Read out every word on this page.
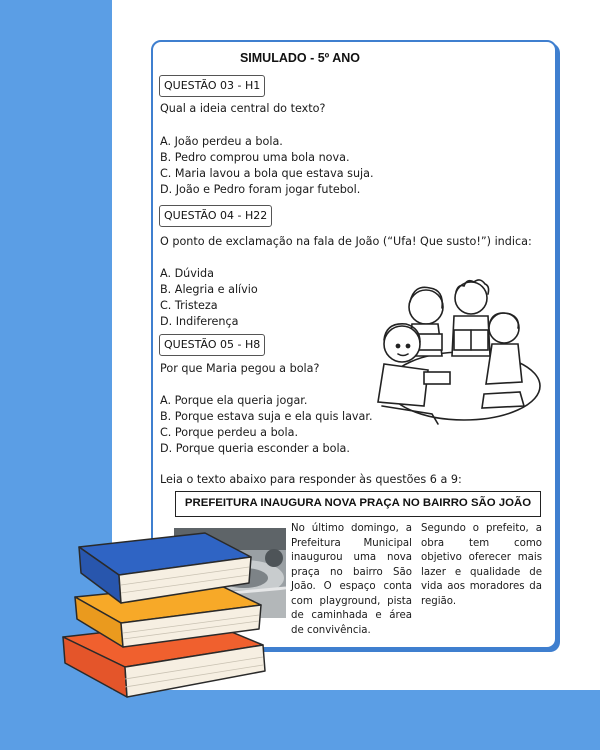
SIMULADO - 5º ANO
QUESTÃO 03 - H1
Qual a ideia central do texto?
A. João perdeu a bola.
B. Pedro comprou uma bola nova.
C. Maria lavou a bola que estava suja.
D. João e Pedro foram jogar futebol.
QUESTÃO 04 - H22
O ponto de exclamação na fala de João (“Ufa! Que susto!”) indica:
A. Dúvida
B. Alegria e alívio
C. Tristeza
D. Indiferença
QUESTÃO 05 - H8
Por que Maria pegou a bola?
A. Porque ela queria jogar.
B. Porque estava suja e ela quis lavar.
C. Porque perdeu a bola.
D. Porque queria esconder a bola.
Leia o texto abaixo para responder às questões 6 a 9:
PREFEITURA INAUGURA NOVA PRAÇA NO BAIRRO SÃO JOÃO
No último domingo, a Prefeitura Municipal inaugurou uma nova praça no bairro São João. O espaço conta com playground, pista de caminhada e área de convivência.
Segundo o prefeito, a obra tem como objetivo oferecer mais lazer e qualidade de vida aos moradores da região.
